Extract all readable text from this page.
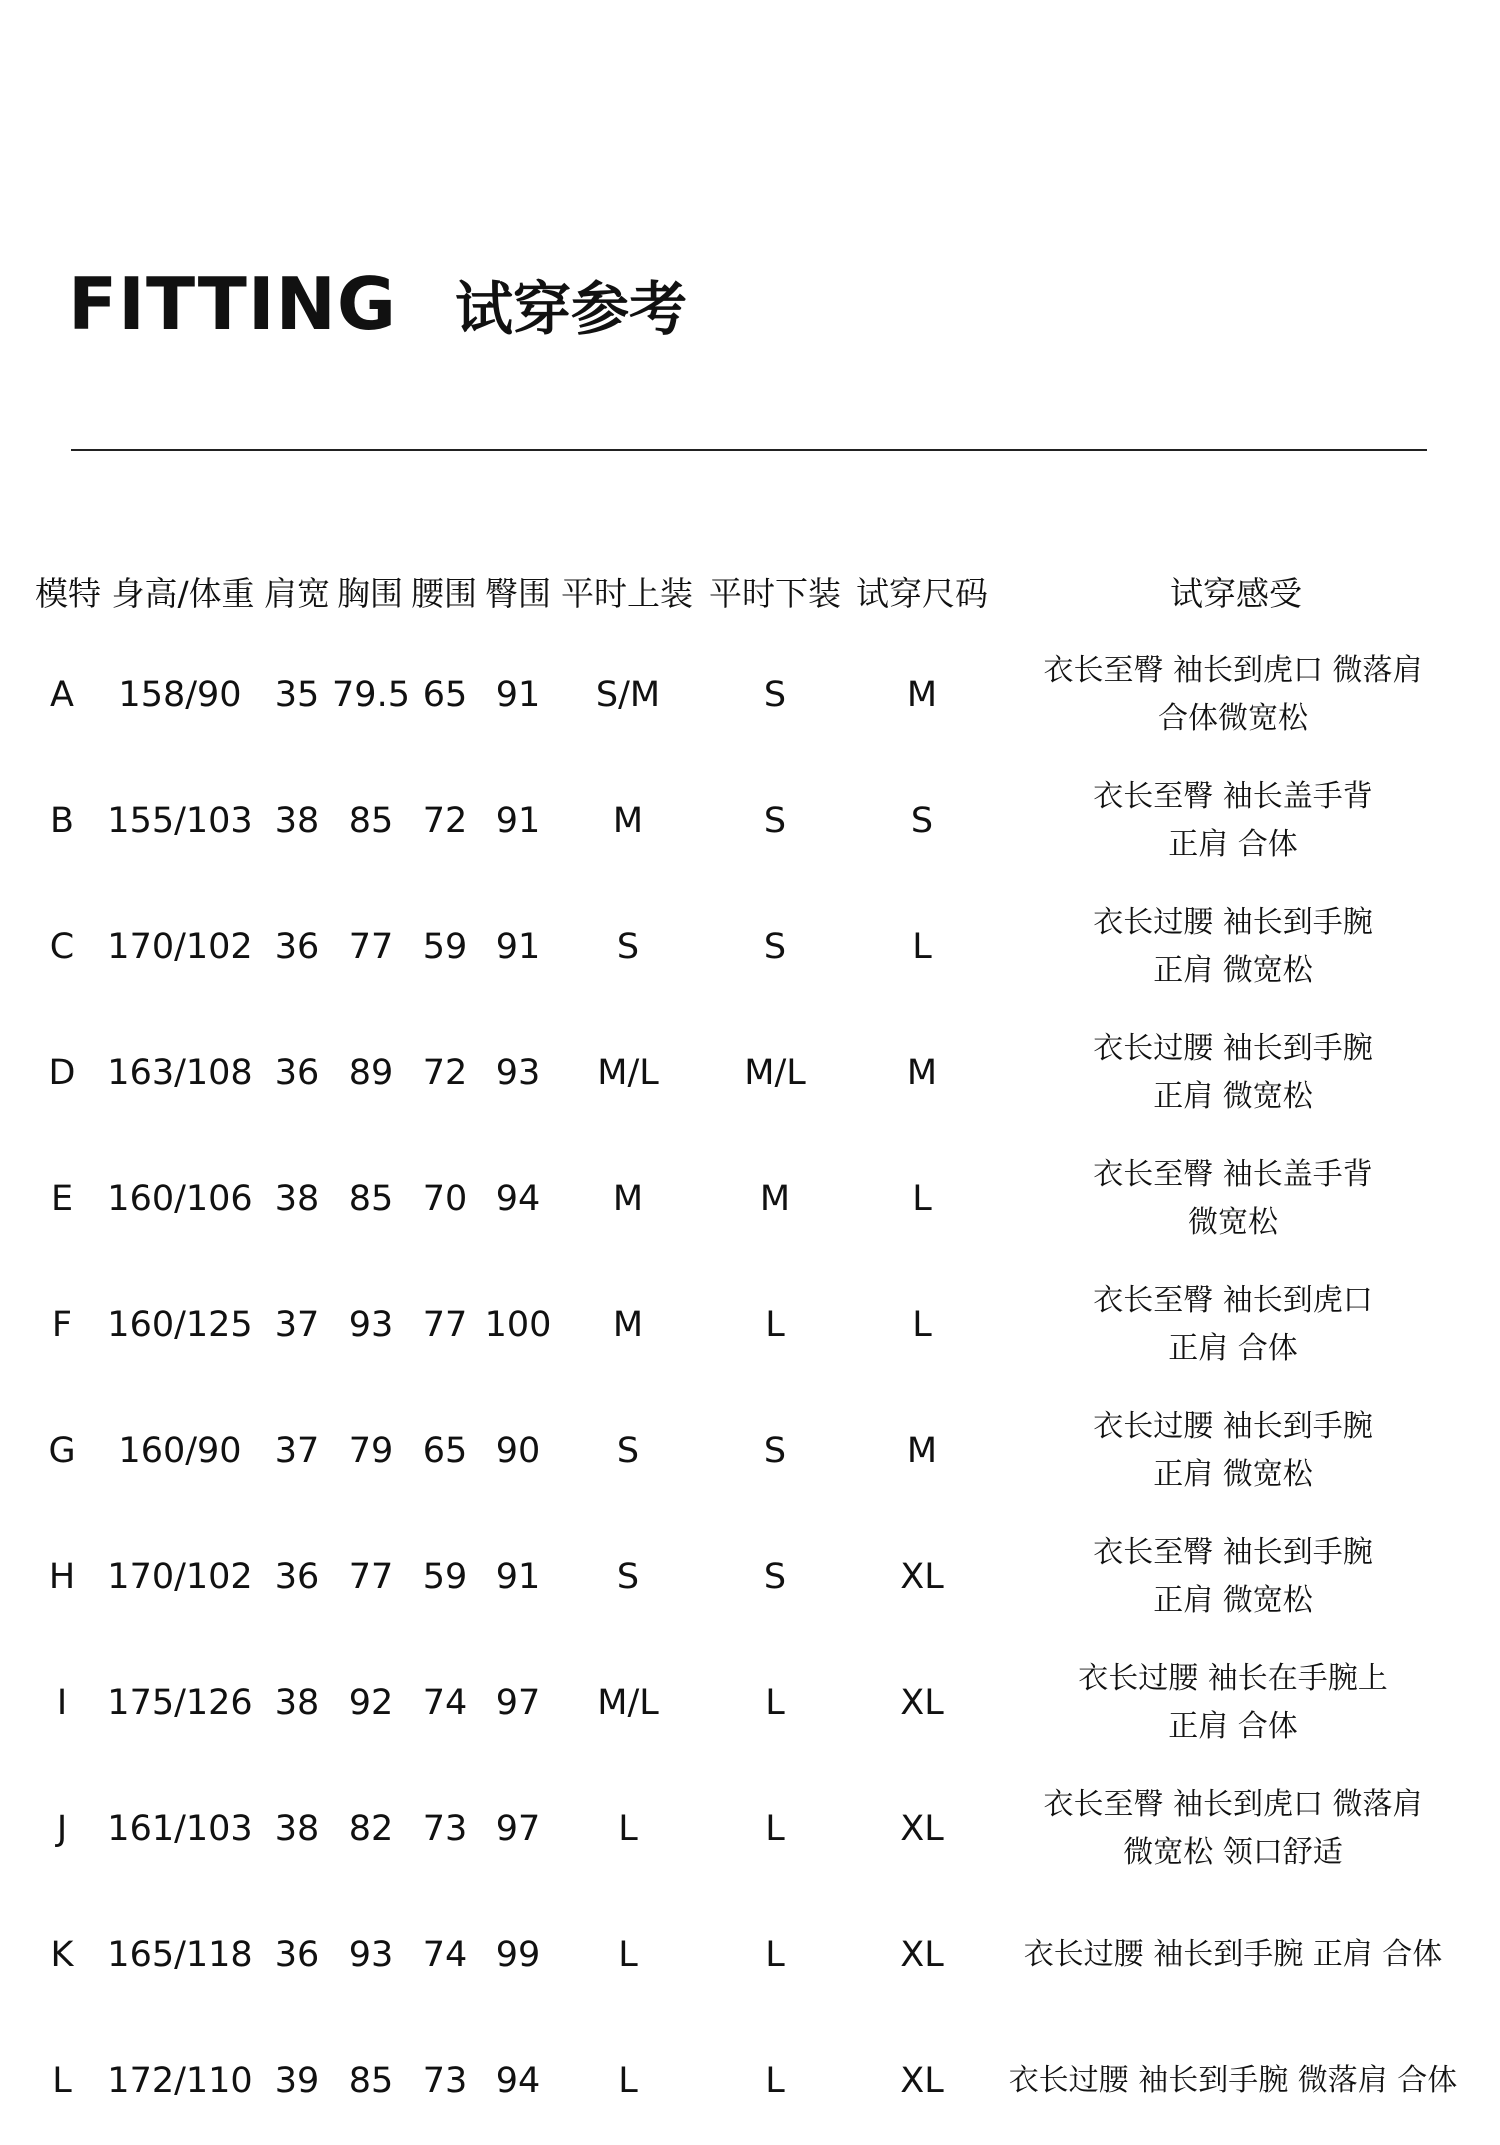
FITTING 试穿参考
模特 身高/体重 肩宽 胸围 腰围 臀围 平时上装 平时下装 试穿尺码	试穿感受
A 158/90 35 79.5 65 91 S/M	S	M
衣长至臀 袖长到虎口 微落肩
合体微宽松
B 155/103 38 85 72 91 M	S	S
衣长至臀 袖长盖手背
正肩 合体
C 170/102 36 77 59 91 S	S	L
衣长过腰 袖长到手腕
正肩 微宽松
D 163/108 36 89 72 93 M/L M/L	M
衣长过腰 袖长到手腕
正肩 微宽松
E 160/106 38 85 70 94 M	M	L
衣长至臀 袖长盖手背
微宽松
F 160/125 37 93 77 100 M	L	L
衣长至臀 袖长到虎口
正肩 合体
G 160/90 37 79 65 90 S	S	M
衣长过腰 袖长到手腕
正肩 微宽松
H 170/102 36 77 59 91 S	S	XL
衣长至臀 袖长到手腕
正肩 微宽松
I 175/126 38 92 74 97 M/L	L	XL
衣长过腰 袖长在手腕上
正肩 合体
J 161/103 38 82 73 97 L	L	XL
衣长至臀 袖长到虎口 微落肩
微宽松 领口舒适
K 165/118 36 93 74 99 L	L	XL	衣长过腰 袖长到手腕 正肩 合体
L 172/110 39 85 73 94 L	L	XL 衣长过腰 袖长到手腕 微落肩 合体
